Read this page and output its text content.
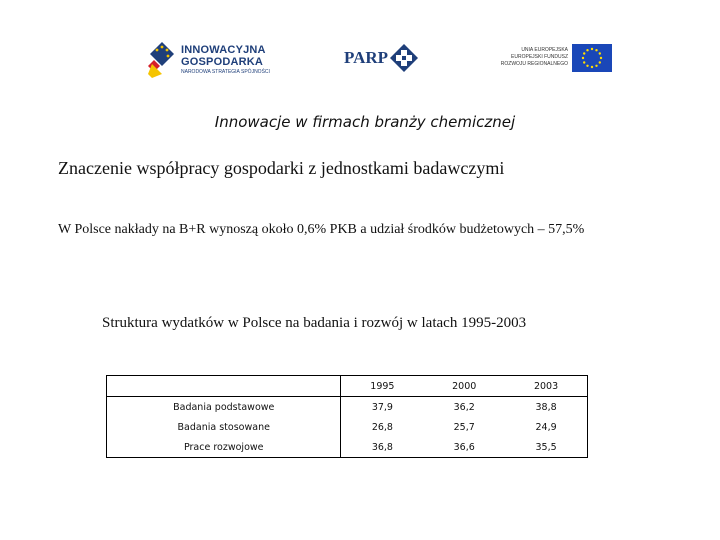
INNOWACYJNA
GOSPODARKA
NARODOWA STRATEGIA SPÓJNOŚCI
PARP	UNIA EUROPEJSKA
EUROPEJSKI FUNDUSZ
ROZWOJU REGIONALNEGO
Innowacje w firmach branży chemicznej
Znaczenie współpracy gospodarki z jednostkami badawczymi
W Polsce nakłady na B+R wynoszą około 0,6% PKB a udział środków budżetowych – 57,5%
Struktura wydatków w Polsce na badania i rozwój w latach 1995-2003
	1995	2000	2003
Badania podstawowe	37,9	36,2	38,8
Badania stosowane	26,8	25,7	24,9
Prace rozwojowe	36,8	36,6	35,5
